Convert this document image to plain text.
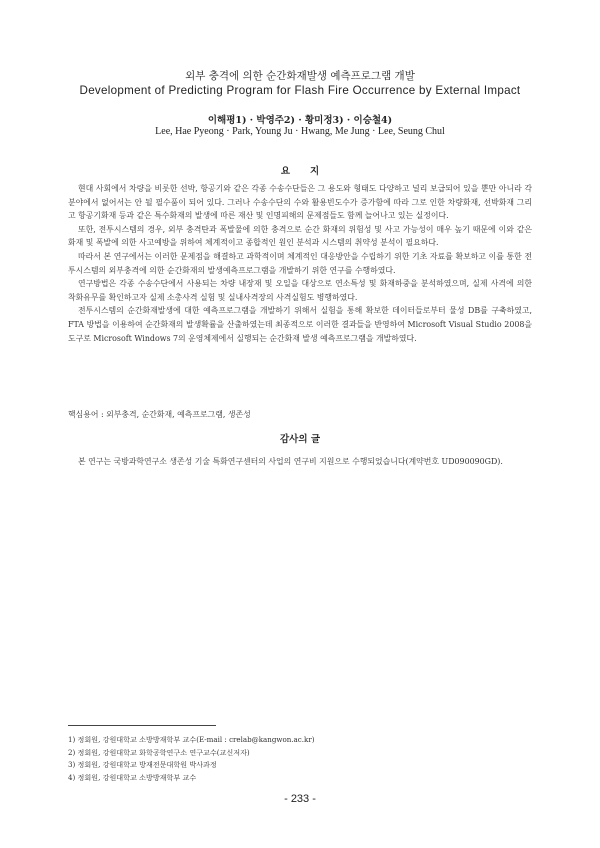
외부 충격에 의한 순간화재발생 예측프로그램 개발
Development of Predicting Program for Flash Fire Occurrence by External Impact
이해평1) · 박영주2) · 황미정3) · 이승철4)
Lee, Hae Pyeong · Park, Young Ju · Hwang, Me Jung · Lee, Seung Chul
요지

현대 사회에서 차량을 비롯한 선박, 항공기와 같은 각종 수송수단들은 그 용도와 형태도 다양하고 널리 보급되어 있을 뿐만 아니라 각 분야에서 없어서는 안 될 필수품이 되어 있다. 그러나 수송수단의 수와 활용빈도수가 증가함에 따라 그로 인한 차량화재, 선박화재 그리고 항공기화재 등과 같은 특수화재의 발생에 따른 재산 및 인명피해의 문제점들도 함께 늘어나고 있는 실정이다.

또한, 전투시스템의 경우, 외부 충격탄과 폭발물에 의한 충격으로 순간 화재의 위험성 및 사고 가능성이 매우 높기 때문에 이와 같은 화재 및 폭발에 의한 사고예방을 위하여 체계적이고 종합적인 원인 분석과 시스템의 취약성 분석이 필요하다.

따라서 본 연구에서는 이러한 문제점을 해결하고 과학적이며 체계적인 대응방안을 수립하기 위한 기초 자료를 확보하고 이를 통한 전투시스템의 외부충격에 의한 순간화재의 발생예측프로그램을 개발하기 위한 연구를 수행하였다.

연구방법은 각종 수송수단에서 사용되는 차량 내장재 및 오일을 대상으로 연소특성 및 화재하중을 분석하였으며, 실제 사격에 의한 착화유무를 확인하고자 실제 소총사격 실험 및 실내사격장의 사격실험도 병행하였다.

전투시스템의 순간화재발생에 대한 예측프로그램을 개발하기 위해서 실험을 통해 확보한 데이터들로부터 물성 DB를 구축하였고, FTA 방법을 이용하여 순간화재의 발생확률을 산출하였는데 최종적으로 이러한 결과들을 반영하여 Microsoft Visual Studio 2008을 도구로 Microsoft Windows 7의 운영체제에서 실행되는 순간화재 발생 예측프로그램을 개발하였다.

핵심용어 : 외부충격, 순간화재, 예측프로그램, 생존성
감사의 글

본 연구는 국방과학연구소 생존성 기술 특화연구센터의 사업의 연구비 지원으로 수행되었습니다(계약번호 UD090090GD).

1) 정회원, 강원대학교 소방방재학부 교수(E-mail : crelab@kangwon.ac.kr)
2) 정회원, 강원대학교 화학공학연구소 연구교수(교신저자)
3) 정회원, 강원대학교 방재전문대학원 박사과정
4) 정회원, 강원대학교 소방방재학부 교수
- 233 -
